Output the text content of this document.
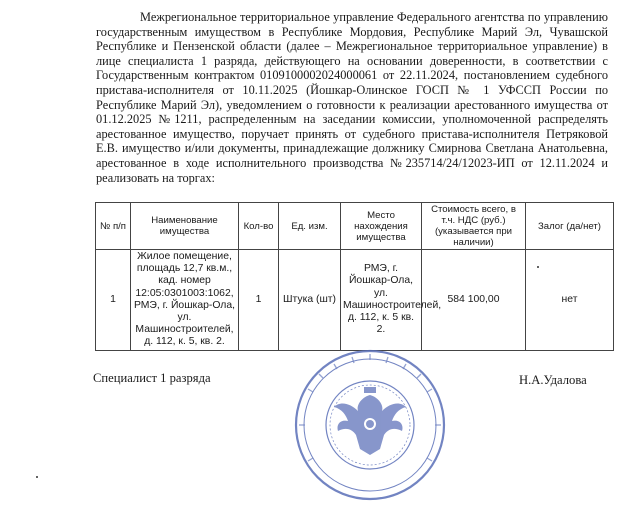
Межрегиональное территориальное управление Федерального агентства по управлению государственным имуществом в Республике Мордовия, Республике Марий Эл, Чувашской Республике и Пензенской области (далее – Межрегиональное территориальное управление) в лице специалиста 1 разряда, действующего на основании доверенности, в соответствии с Государственным контрактом 0109100002024000061 от 22.11.2024, постановлением судебного пристава-исполнителя от 10.11.2025 (Йошкар-Олинское ГОСП № 1 УФССП России по Республике Марий Эл), уведомлением о готовности к реализации арестованного имущества от 01.12.2025 №1211, распределенным на заседании комиссии, уполномоченной распределять арестованное имущество, поручает принять от судебного пристава-исполнителя Петряковой Е.В. имущество и/или документы, принадлежащие должнику Смирнова Светлана Анатольевна, арестованное в ходе исполнительного производства №235714/24/12023-ИП от 12.11.2024 и реализовать на торгах:

№ п/п	Наименование имущества	Кол-во	Ед. изм.	Место нахождения имущества	Стоимость всего, в т.ч. НДС (руб.) (указывается при наличии)	Залог (да/нет)
1	Жилое помещение, площадь 12,7 кв.м., кад. номер 12:05:0301003:1062, РМЭ, г. Йошкар-Ола, ул. Машиностроителей, д. 112, к. 5, кв. 2.	1	Штука (шт)	РМЭ, г. Йошкар-Ола, ул. Машиностроителей, д. 112, к. 5 кв. 2.	584 100,00	нет
Специалист 1 разряда	Н.А.Удалова
